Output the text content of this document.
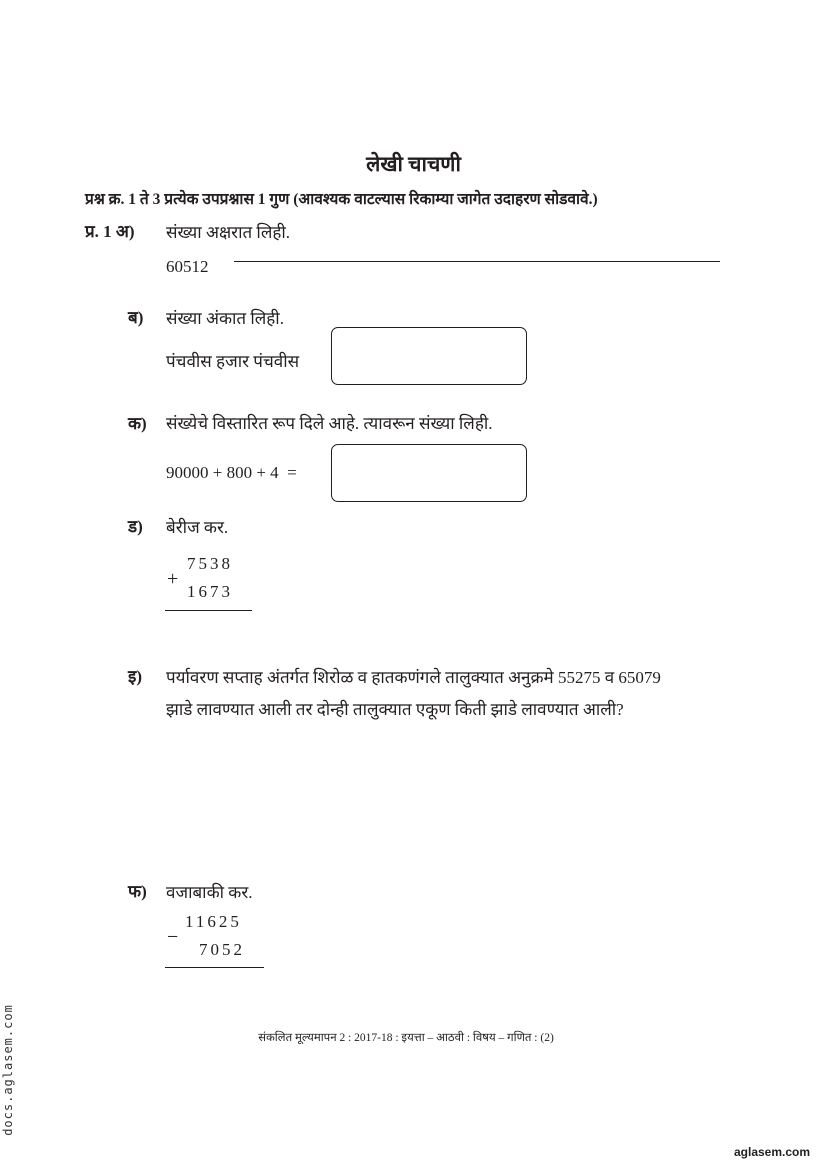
लेखी चाचणी
प्रश्न क्र. 1 ते 3 प्रत्येक उपप्रश्नास 1 गुण (आवश्यक वाटल्यास रिकाम्या जागेत उदाहरण सोडवावे.)
प्र. 1 अ) संख्या अक्षरात लिही.
60512
ब) संख्या अंकात लिही.
पंचवीस हजार पंचवीस
क) संख्येचे विस्तारित रूप दिले आहे. त्यावरून संख्या लिही.
90000 + 800 + 4  =
ड) बेरीज कर.
7538
+
1673
इ) पर्यावरण सप्ताह अंतर्गत शिरोळ व हातकणंगले तालुक्यात अनुक्रमे 55275 व 65079
झाडे लावण्यात आली तर दोन्ही तालुक्यात एकूण किती झाडे लावण्यात आली?
फ) वजाबाकी कर.
11625
−
7052
संकलित मूल्यमापन 2 : 2017-18 : इयत्ता – आठवी : विषय – गणित : (2)
docs.aglasem.com
aglasem.com
